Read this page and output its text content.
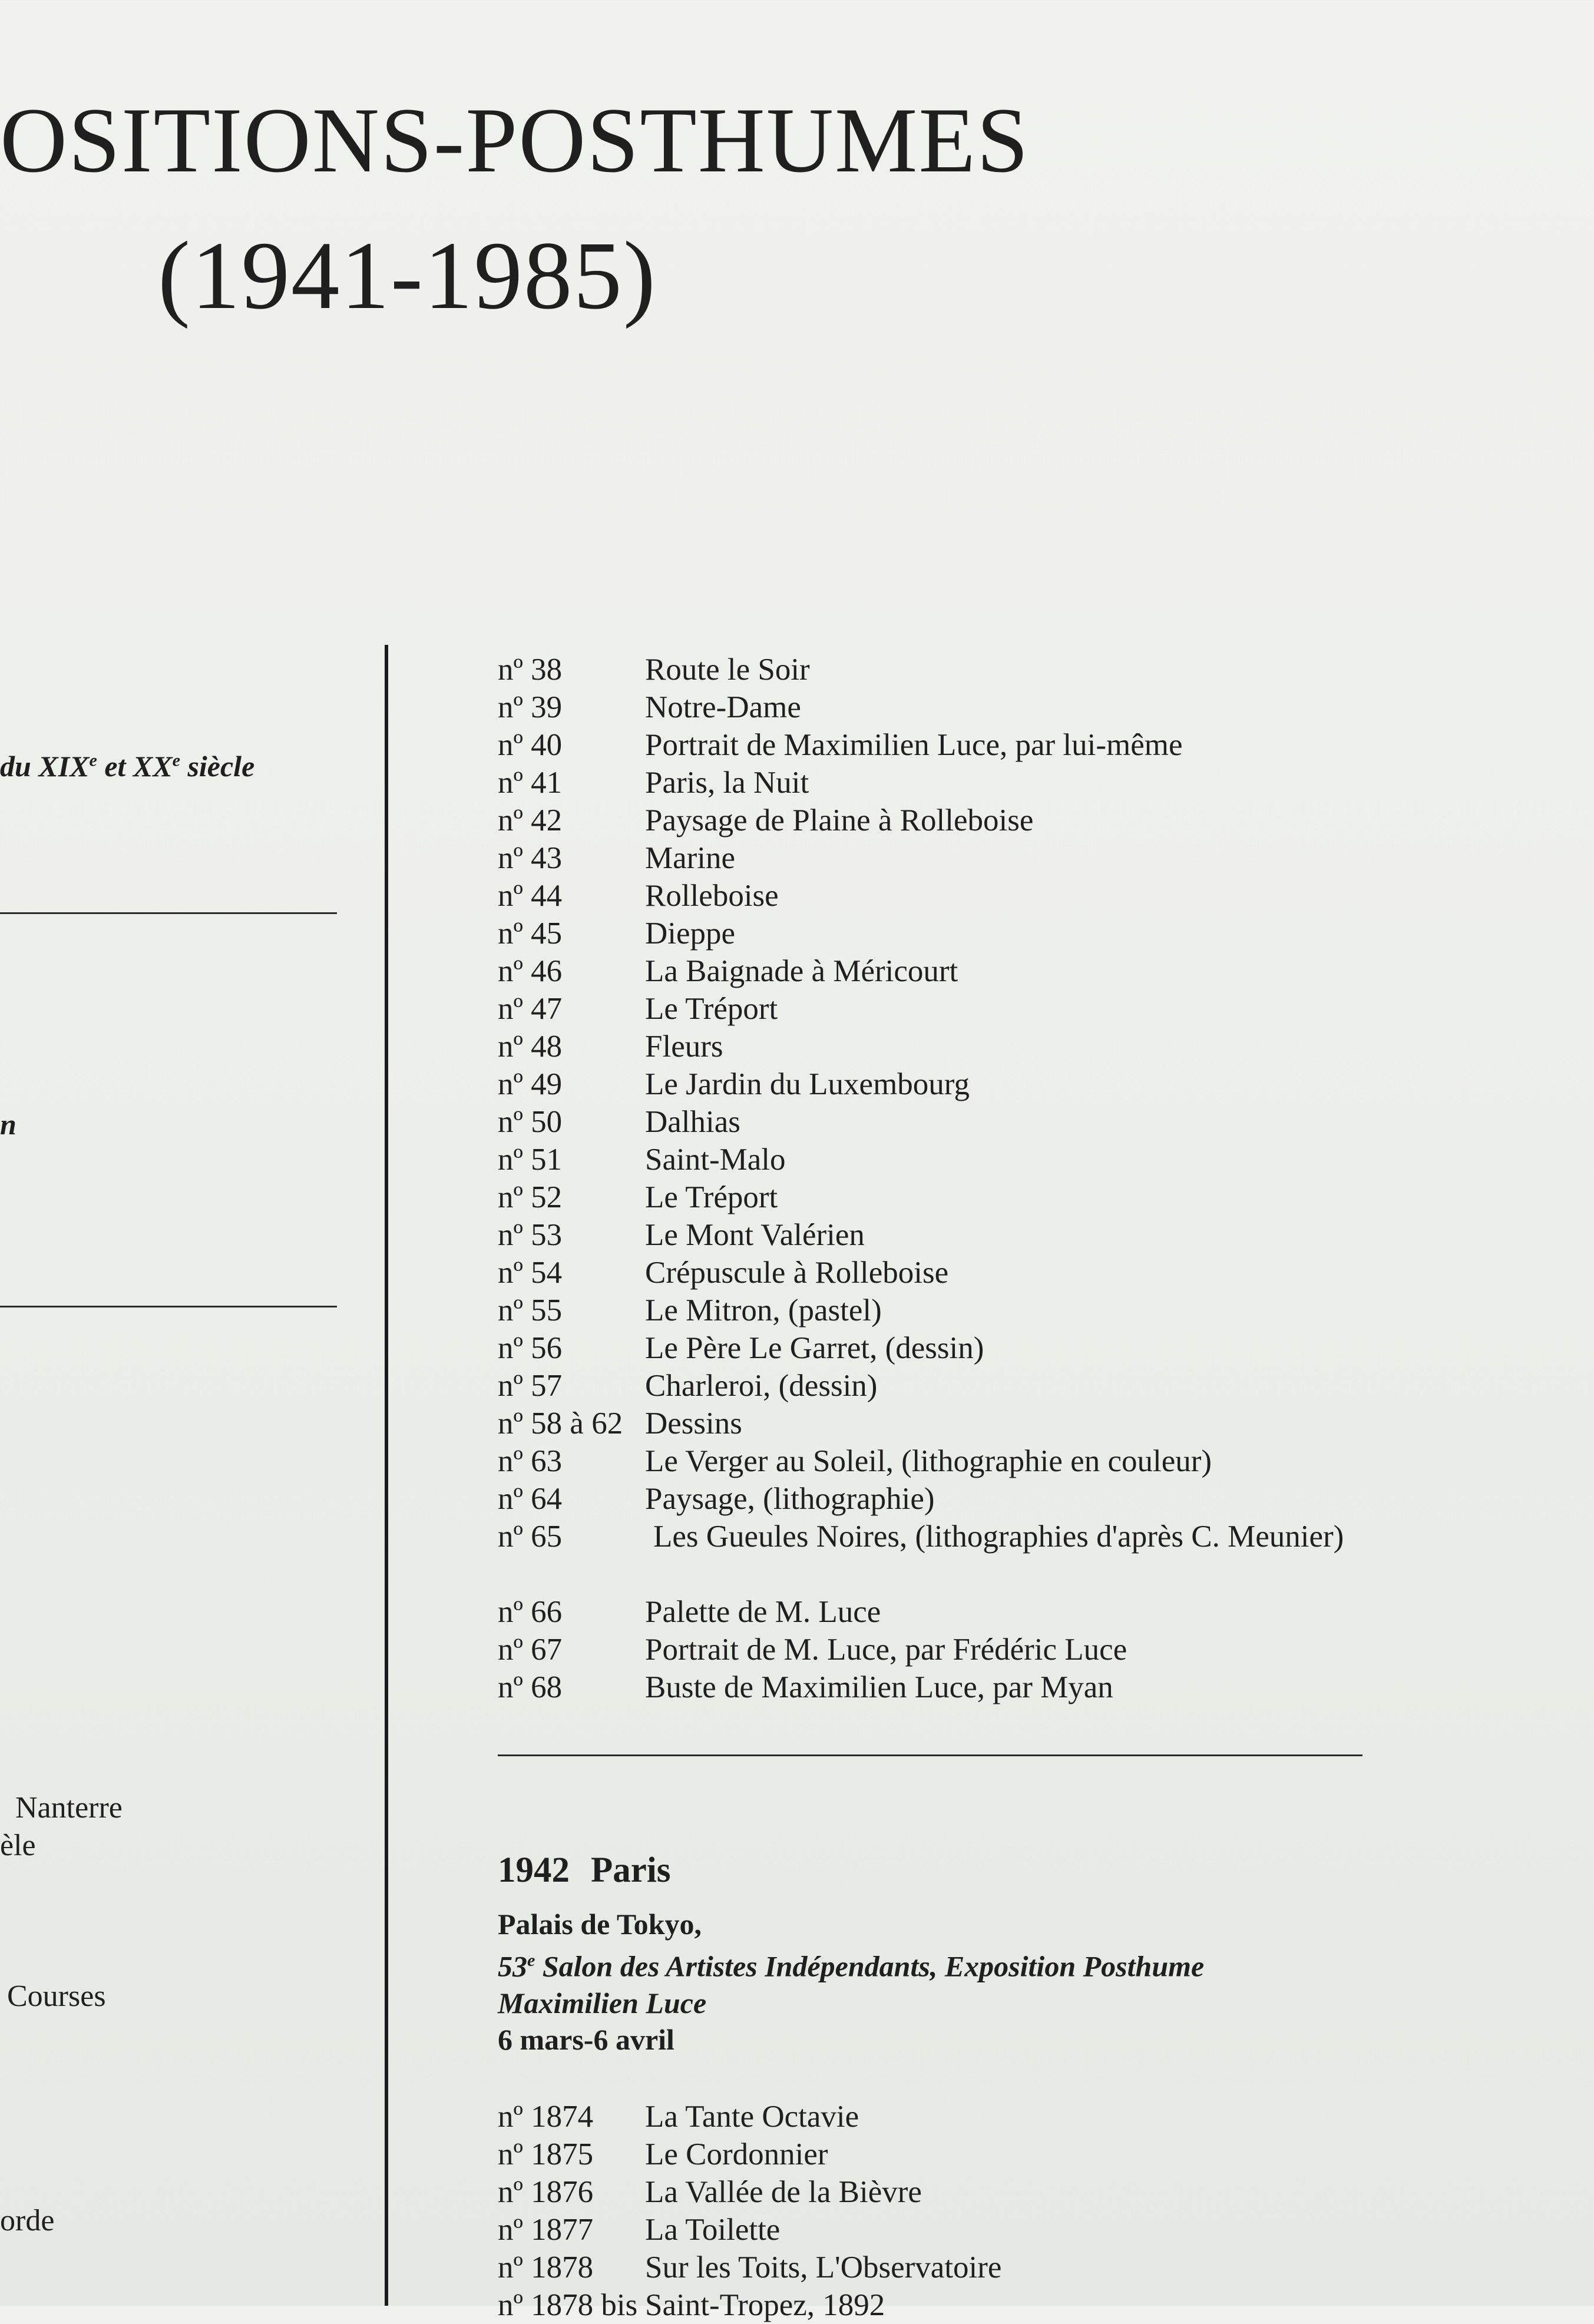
OSITIONS-POSTHUMES
(1941-1985)
du XIXe et XXe siècle
n
Nanterre
èle
Courses
orde
nº 38	Route le Soir
nº 39	Notre-Dame
nº 40	Portrait de Maximilien Luce, par lui-même
nº 41	Paris, la Nuit
nº 42	Paysage de Plaine à Rolleboise
nº 43	Marine
nº 44	Rolleboise
nº 45	Dieppe
nº 46	La Baignade à Méricourt
nº 47	Le Tréport
nº 48	Fleurs
nº 49	Le Jardin du Luxembourg
nº 50	Dalhias
nº 51	Saint-Malo
nº 52	Le Tréport
nº 53	Le Mont Valérien
nº 54	Crépuscule à Rolleboise
nº 55	Le Mitron, (pastel)
nº 56	Le Père Le Garret, (dessin)
nº 57	Charleroi, (dessin)
nº 58 à 62 Dessins
nº 63	Le Verger au Soleil, (lithographie en couleur)
nº 64	Paysage, (lithographie)
nº 65	Les Gueules Noires, (lithographies d'après C. Meunier)
nº 66	Palette de M. Luce
nº 67	Portrait de M. Luce, par Frédéric Luce
nº 68	Buste de Maximilien Luce, par Myan
1942 Paris
Palais de Tokyo,
53e Salon des Artistes Indépendants, Exposition Posthume
Maximilien Luce
6 mars-6 avril
nº 1874	La Tante Octavie
nº 1875	Le Cordonnier
nº 1876	La Vallée de la Bièvre
nº 1877	La Toilette
nº 1878	Sur les Toits, L'Observatoire
nº 1878 bis Saint-Tropez, 1892
